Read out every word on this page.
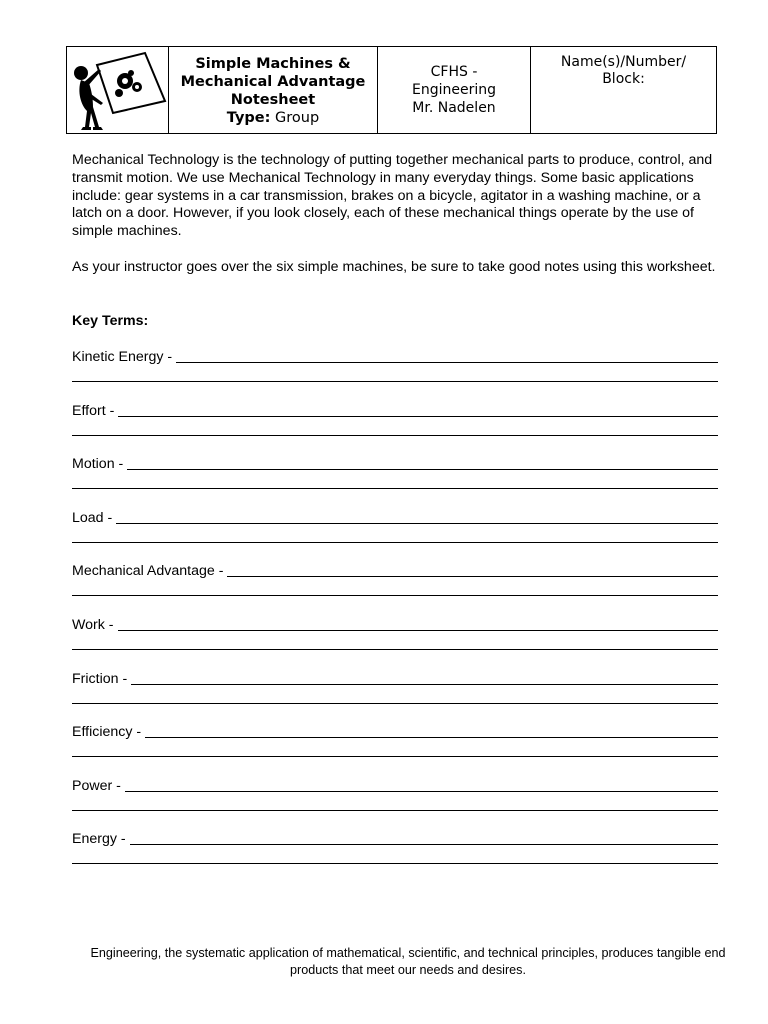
Simple Machines &
Mechanical Advantage
Notesheet
Type: Group
CFHS -
Engineering
Mr. Nadelen
Name(s)/Number/
Block:

Mechanical Technology is the technology of putting together mechanical parts to produce, control, and transmit motion. We use Mechanical Technology in many everyday things. Some basic applications include: gear systems in a car transmission, brakes on a bicycle, agitator in a washing machine, or a latch on a door. However, if you look closely, each of these mechanical things operate by the use of simple machines.

As your instructor goes over the six simple machines, be sure to take good notes using this worksheet.

Key Terms:
Kinetic Energy -
Effort -
Motion -
Load -
Mechanical Advantage -
Work -
Friction -
Efficiency -
Power -
Energy -
Engineering, the systematic application of mathematical, scientific, and technical principles, produces tangible end products that meet our needs and desires.
